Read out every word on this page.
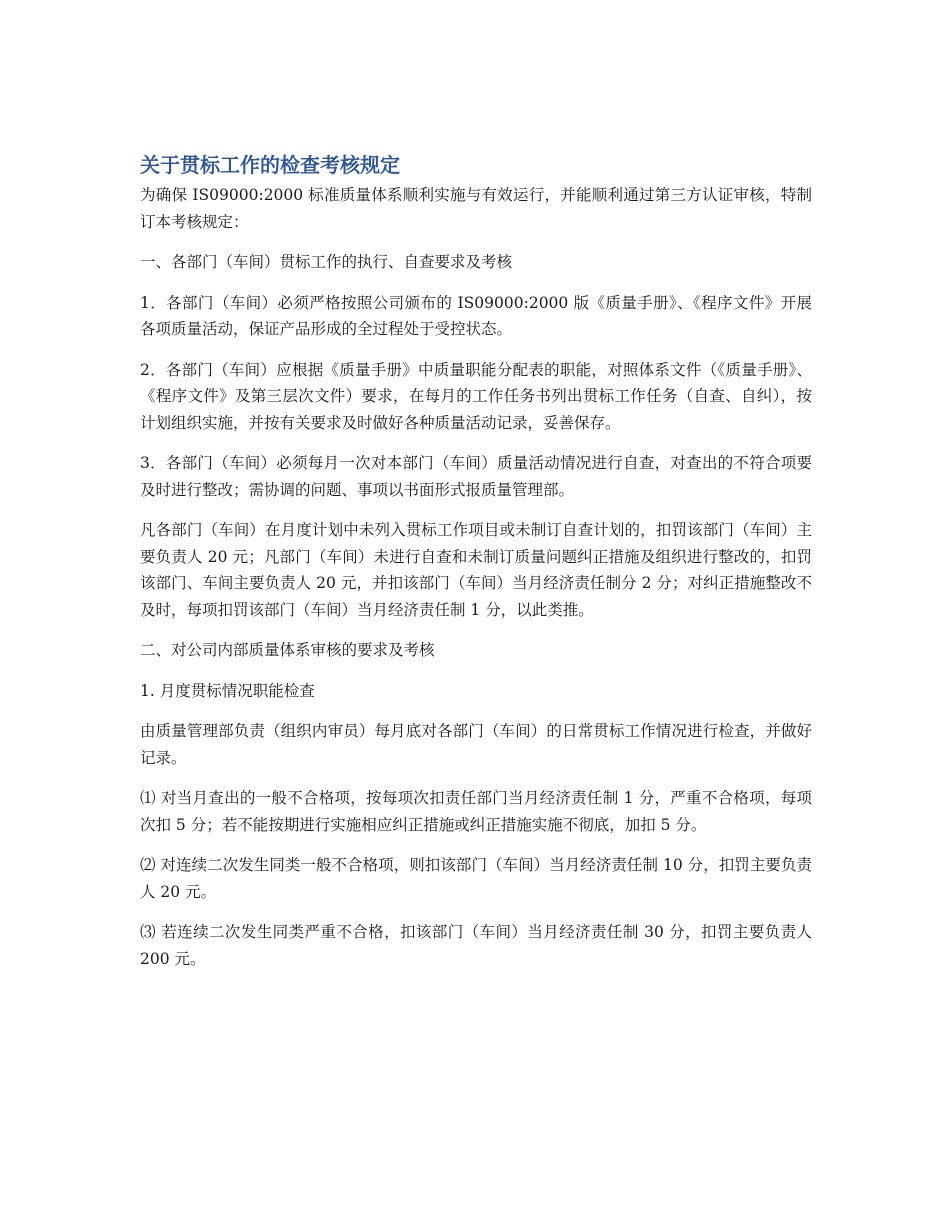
关于贯标工作的检查考核规定

为确保 IS09000:2000 标准质量体系顺利实施与有效运行，并能顺利通过第三方认证审核，特制订本考核规定：

一、各部门（车间）贯标工作的执行、自查要求及考核

1．各部门（车间）必须严格按照公司颁布的 IS09000:2000 版《质量手册》、《程序文件》开展各项质量活动，保证产品形成的全过程处于受控状态。

2．各部门（车间）应根据《质量手册》中质量职能分配表的职能，对照体系文件（《质量手册》、《程序文件》及第三层次文件）要求，在每月的工作任务书列出贯标工作任务（自查、自纠），按计划组织实施，并按有关要求及时做好各种质量活动记录，妥善保存。

3．各部门（车间）必须每月一次对本部门（车间）质量活动情况进行自查，对查出的不符合项要及时进行整改；需协调的问题、事项以书面形式报质量管理部。

凡各部门（车间）在月度计划中未列入贯标工作项目或未制订自查计划的，扣罚该部门（车间）主要负责人 20 元；凡部门（车间）未进行自查和未制订质量问题纠正措施及组织进行整改的，扣罚该部门、车间主要负责人 20 元，并扣该部门（车间）当月经济责任制分 2 分；对纠正措施整改不及时，每项扣罚该部门（车间）当月经济责任制 1 分，以此类推。

二、对公司内部质量体系审核的要求及考核

1. 月度贯标情况职能检查

由质量管理部负责（组织内审员）每月底对各部门（车间）的日常贯标工作情况进行检查，并做好记录。

⑴ 对当月查出的一般不合格项，按每项次扣责任部门当月经济责任制 1 分，严重不合格项，每项次扣 5 分；若不能按期进行实施相应纠正措施或纠正措施实施不彻底，加扣 5 分。

⑵ 对连续二次发生同类一般不合格项，则扣该部门（车间）当月经济责任制 10 分，扣罚主要负责人 20 元。

⑶ 若连续二次发生同类严重不合格，扣该部门（车间）当月经济责任制 30 分，扣罚主要负责人 200 元。
